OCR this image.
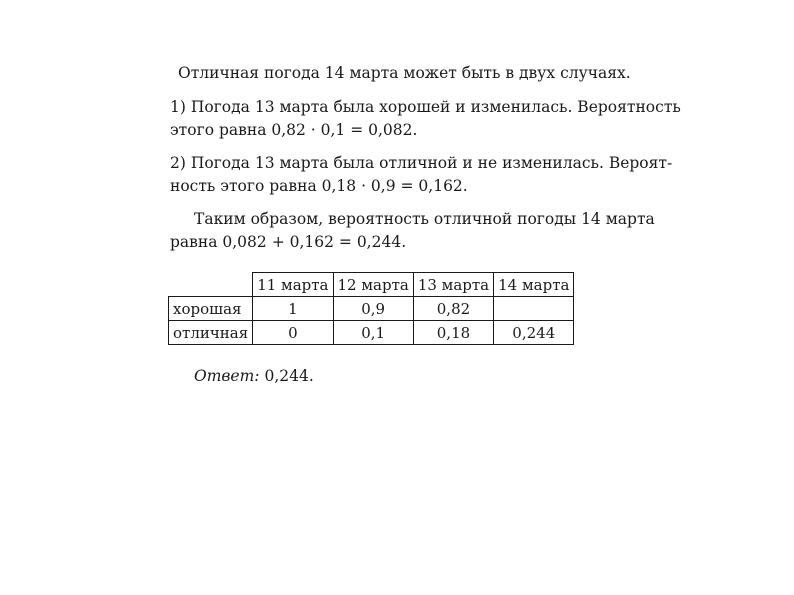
Отличная погода 14 марта может быть в двух случаях.
1) Погода 13 марта была хорошей и изменилась. Вероятность
этого равна 0,82 · 0,1 = 0,082.
2) Погода 13 марта была отличной и не изменилась. Вероят-
ность этого равна 0,18 · 0,9 = 0,162.
Таким образом, вероятность отличной погоды 14 марта
равна 0,082 + 0,162 = 0,244.
	11 марта	12 марта	13 марта	14 марта
хорошая	1	0,9	0,82	
отличная	0	0,1	0,18	0,244
Ответ: 0,244.
